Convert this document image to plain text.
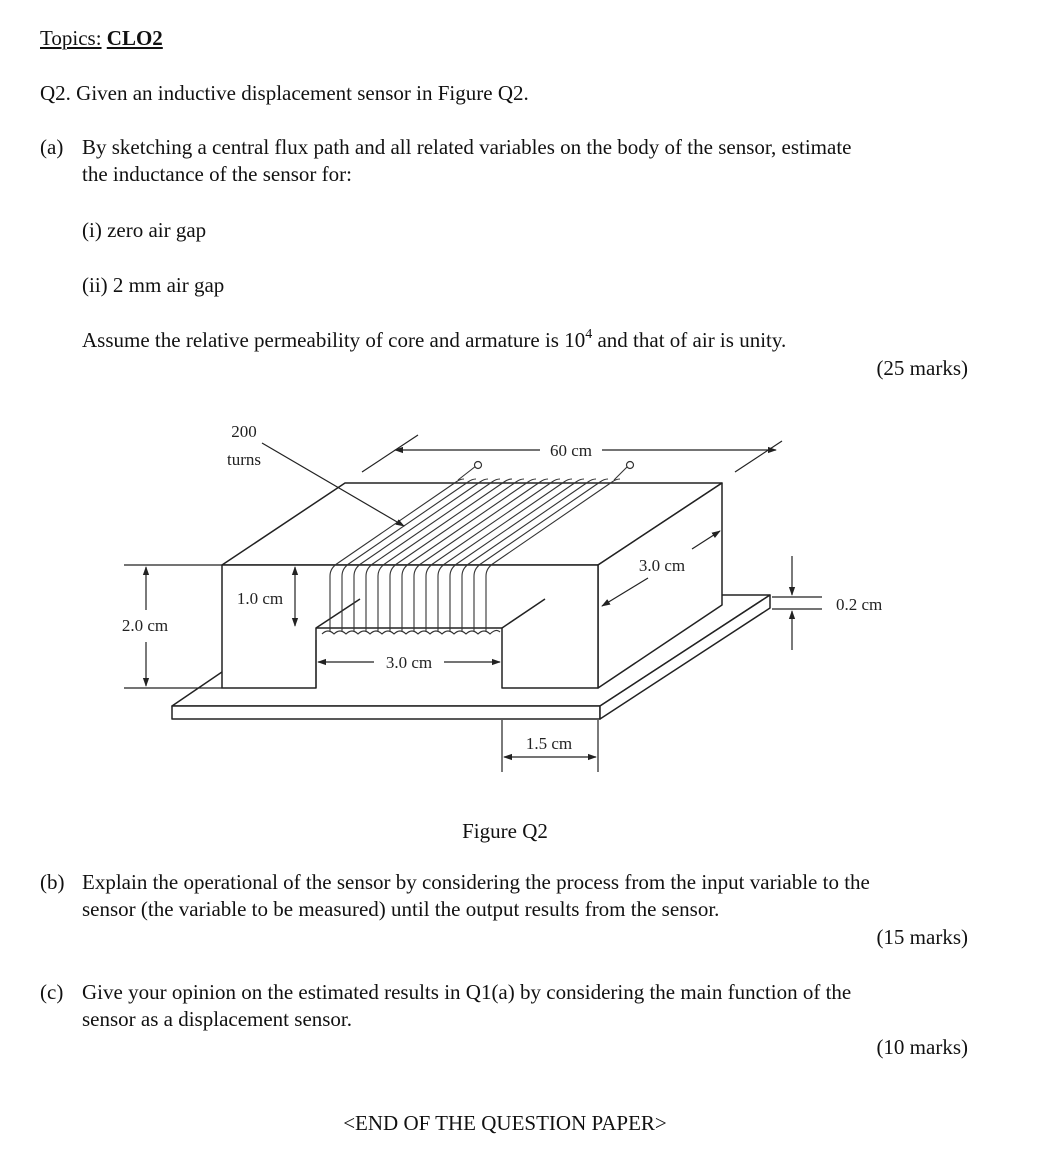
Topics: CLO2
Q2. Given an inductive displacement sensor in Figure Q2.
(a) By sketching a central flux path and all related variables on the body of the sensor, estimate
the inductance of the sensor for:
(i) zero air gap
(ii) 2 mm air gap
Assume the relative permeability of core and armature is $10^4$ and that of air is unity.
(25 marks)
200
turns	60 cm
3.0 cm
1.0 cm
2.0 cm
3.0 cm
1.5 cm
0.2 cm
Figure Q2
(b) Explain the operational of the sensor by considering the process from the input variable to the
sensor (the variable to be measured) until the output results from the sensor.
(15 marks)
(c) Give your opinion on the estimated results in Q1(a) by considering the main function of the
sensor as a displacement sensor.
(10 marks)
<END OF THE QUESTION PAPER>
